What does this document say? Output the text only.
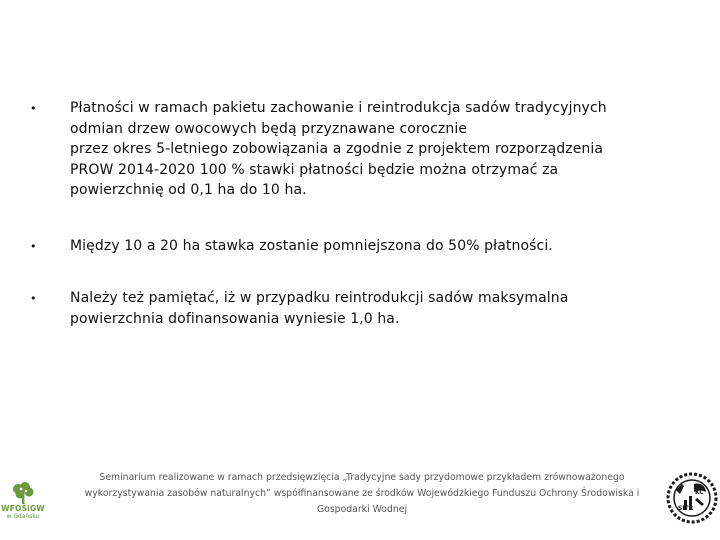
•	Płatności w ramach pakietu zachowanie i reintrodukcja sadów tradycyjnych
odmian drzew owocowych będą przyznawane corocznie
przez okres 5-letniego zobowiązania a zgodnie z projektem rozporządzenia
PROW 2014-2020 100 % stawki płatności będzie można otrzymać za
powierzchnię od 0,1 ha do 10 ha.
•	Między 10 a 20 ha stawka zostanie pomniejszona do 50% płatności.
•	Należy też pamiętać, iż w przypadku reintrodukcji sadów maksymalna
powierzchnia dofinansowania wyniesie 1,0 ha.
WFOŚiGW
w Gdańsku
Seminarium realizowane w ramach przedsięwzięcia „Tradycyjne sady przydomowe przykładem zrównoważonego
wykorzystywania zasobów naturalnych” współfinansowane ze środków Wojewódzkiego Funduszu Ochrony Środowiska i
Gospodarki Wodnej
KC
SITR
